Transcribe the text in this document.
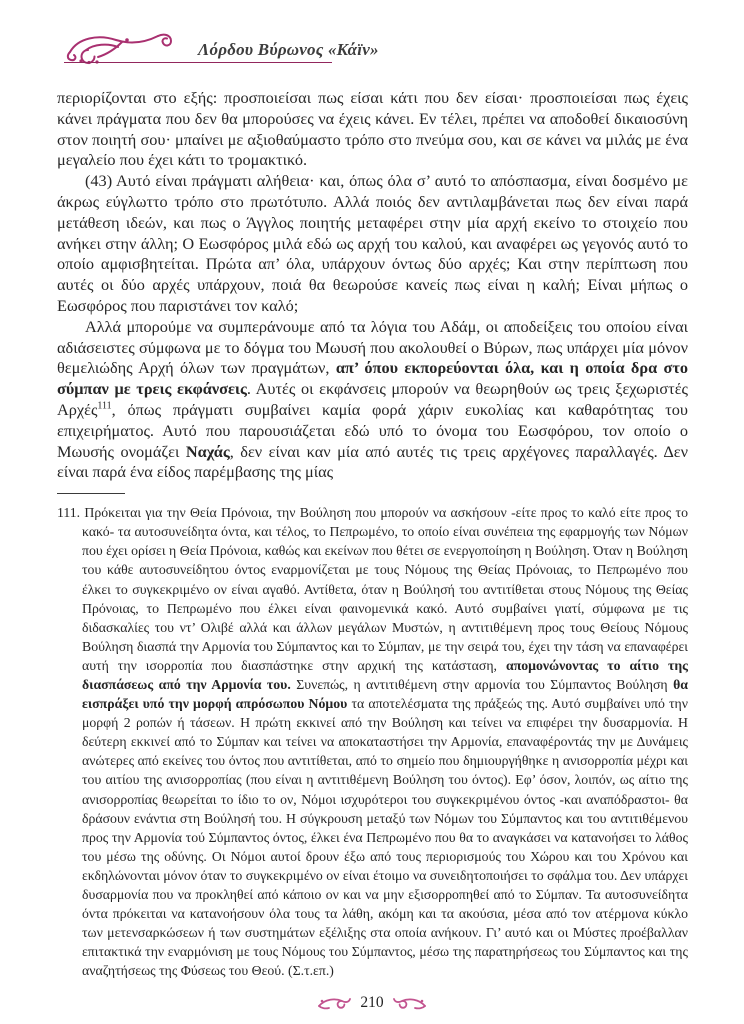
Λόρδου Βύρωνος «Κάϊν»

περιορίζονται στο εξής: προσποιείσαι πως είσαι κάτι που δεν είσαι· προσποιείσαι πως έχεις κάνει πράγματα που δεν θα μπορούσες να έχεις κάνει. Εν τέλει, πρέπει να αποδοθεί δικαιοσύνη στον ποιητή σου· μπαίνει με αξιοθαύμαστο τρόπο στο πνεύμα σου, και σε κάνει να μιλάς με ένα μεγαλείο που έχει κάτι το τρομακτικό.

(43) Αυτό είναι πράγματι αλήθεια· και, όπως όλα σ’ αυτό το απόσπασμα, είναι δοσμένο με άκρως εύγλωττο τρόπο στο πρωτότυπο. Αλλά ποιός δεν αντιλαμβάνεται πως δεν είναι παρά μετάθεση ιδεών, και πως ο Άγγλος ποιητής μεταφέρει στην μία αρχή εκείνο το στοιχείο που ανήκει στην άλλη; Ο Εωσφόρος μιλά εδώ ως αρχή του καλού, και αναφέρει ως γεγονός αυτό το οποίο αμφισβητείται. Πρώτα απ’ όλα, υπάρχουν όντως δύο αρχές; Και στην περίπτωση που αυτές οι δύο αρχές υπάρχουν, ποιά θα θεωρούσε κανείς πως είναι η καλή; Είναι μήπως ο Εωσφόρος που παριστάνει τον καλό;

Αλλά μπορούμε να συμπεράνουμε από τα λόγια του Αδάμ, οι αποδείξεις του οποίου είναι αδιάσειστες σύμφωνα με το δόγμα του Μωυσή που ακολουθεί ο Βύρων, πως υπάρχει μία μόνον θεμελιώδης Αρχή όλων των πραγμάτων, απ’ όπου εκπορεύονται όλα, και η οποία δρα στο σύμπαν με τρεις εκφάνσεις. Αυτές οι εκφάνσεις μπορούν να θεωρηθούν ως τρεις ξεχωριστές Αρχές$^{111}$, όπως πράγματι συμβαίνει καμία φορά χάριν ευκολίας και καθαρότητας του επιχειρήματος. Αυτό που παρουσιάζεται εδώ υπό το όνομα του Εωσφόρου, τον οποίο ο Μωυσής ονομάζει Ναχάς, δεν είναι καν μία από αυτές τις τρεις αρχέγονες παραλλαγές. Δεν είναι παρά ένα είδος παρέμβασης της μίας

111. Πρόκειται για την Θεία Πρόνοια, την Βούληση που μπορούν να ασκήσουν -είτε προς το καλό είτε προς το κακό- τα αυτοσυνείδητα όντα, και τέλος, το Πεπρωμένο, το οποίο είναι συνέπεια της εφαρμογής των Νόμων που έχει ορίσει η Θεία Πρόνοια, καθώς και εκείνων που θέτει σε ενεργοποίηση η Βούληση. Όταν η Βούληση του κάθε αυτοσυνείδητου όντος εναρμονίζεται με τους Νόμους της Θείας Πρόνοιας, το Πεπρωμένο που έλκει το συγκεκριμένο ον είναι αγαθό. Αντίθετα, όταν η Βούλησή του αντιτίθεται στους Νόμους της Θείας Πρόνοιας, το Πεπρωμένο που έλκει είναι φαινομενικά κακό. Αυτό συμβαίνει γιατί, σύμφωνα με τις διδασκαλίες του ντ’ Ολιβέ αλλά και άλλων μεγάλων Μυστών, η αντιτιθέμενη προς τους Θείους Νόμους Βούληση διασπά την Αρμονία του Σύμπαντος και το Σύμπαν, με την σειρά του, έχει την τάση να επαναφέρει αυτή την ισορροπία που διασπάστηκε στην αρχική της κατάσταση, απομονώνοντας το αίτιο της διασπάσεως από την Αρμονία του. Συνεπώς, η αντιτιθέμενη στην αρμονία του Σύμπαντος Βούληση θα εισπράξει υπό την μορφή απρόσωπου Νόμου τα αποτελέσματα της πράξεώς της. Αυτό συμβαίνει υπό την μορφή 2 ροπών ή τάσεων. Η πρώτη εκκινεί από την Βούληση και τείνει να επιφέρει την δυσαρμονία. Η δεύτερη εκκινεί από το Σύμπαν και τείνει να αποκαταστήσει την Αρμονία, επαναφέροντάς την με Δυνάμεις ανώτερες από εκείνες του όντος που αντιτίθεται, από το σημείο που δημιουργήθηκε η ανισορροπία μέχρι και του αιτίου της ανισορροπίας (που είναι η αντιτιθέμενη Βούληση του όντος). Εφ’ όσον, λοιπόν, ως αίτιο της ανισορροπίας θεωρείται το ίδιο το ον, Νόμοι ισχυρότεροι του συγκεκριμένου όντος -και αναπόδραστοι- θα δράσουν ενάντια στη Βούλησή του. Η σύγκρουση μεταξύ των Νόμων του Σύμπαντος και του αντιτιθέμενου προς την Αρμονία τού Σύμπαντος όντος, έλκει ένα Πεπρωμένο που θα το αναγκάσει να κατανοήσει το λάθος του μέσω της οδύνης. Οι Νόμοι αυτοί δρουν έξω από τους περιορισμούς του Χώρου και του Χρόνου και εκδηλώνονται μόνον όταν το συγκεκριμένο ον είναι έτοιμο να συνειδητοποιήσει το σφάλμα του. Δεν υπάρχει δυσαρμονία που να προκληθεί από κάποιο ον και να μην εξισορροπηθεί από το Σύμπαν. Τα αυτοσυνείδητα όντα πρόκειται να κατανοήσουν όλα τους τα λάθη, ακόμη και τα ακούσια, μέσα από τον ατέρμονα κύκλο των μετενσαρκώσεων ή των συστημάτων εξέλιξης στα οποία ανήκουν. Γι’ αυτό και οι Μύστες προέβαλλαν επιτακτικά την εναρμόνιση με τους Νόμους του Σύμπαντος, μέσω της παρατηρήσεως του Σύμπαντος και της αναζητήσεως της Φύσεως του Θεού. (Σ.τ.επ.)

210
